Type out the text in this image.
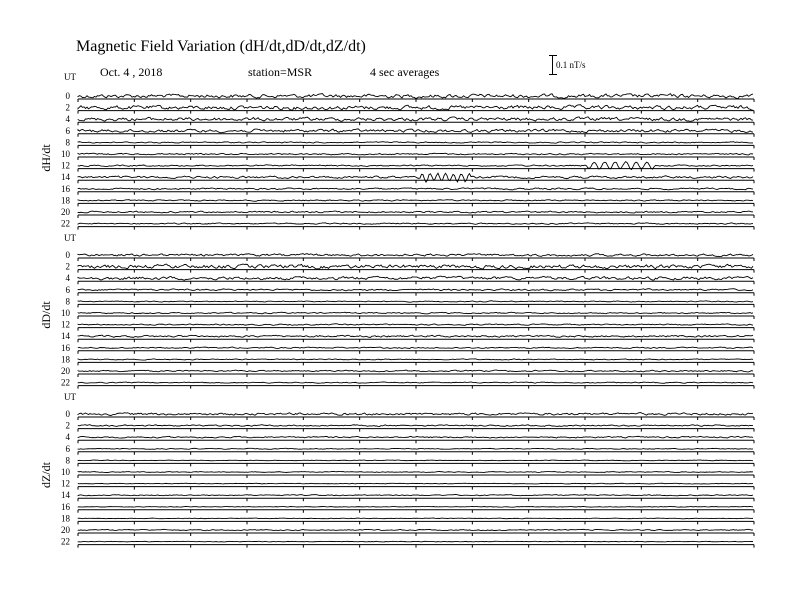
Magnetic Field Variation (dH/dt,dD/dt,dZ/dt)
Oct. 4 , 2018	station=MSR	4 sec averages	0.1 nT/s
UT
dH/dt
0
2
4
6
8
10
12
14
16
18
20
22
UT
dD/dt
0
2
4
6
8
10
12
14
16
18
20
22
UT
dZ/dt
0
2
4
6
8
10
12
14
16
18
20
22
